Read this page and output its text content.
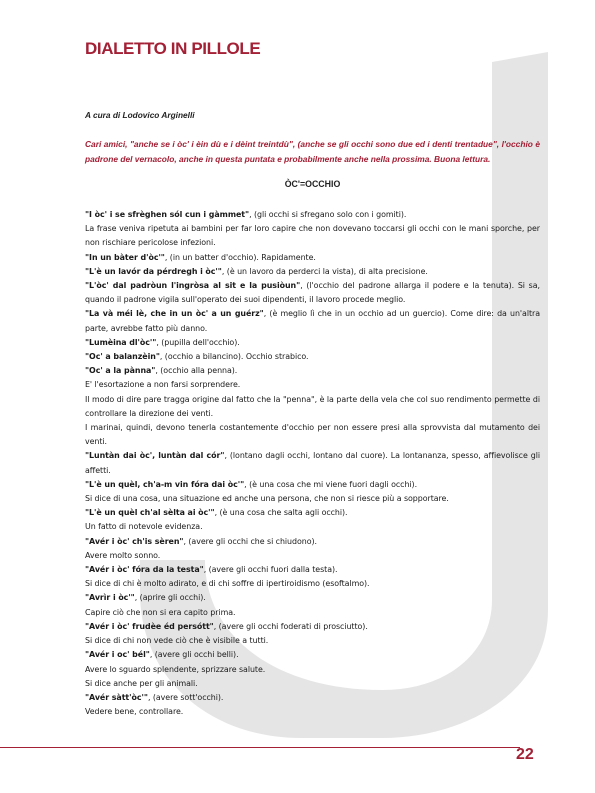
DIALETTO IN PILLOLE
A cura di Lodovico Arginelli
Cari amici, "anche se i òc' i èin dù e i dèint treintdù", (anche se gli occhi sono due ed i denti trentadue", l'occhio è padrone del vernacolo, anche in questa puntata e probabilmente anche nella prossima. Buona lettura.
ÒC'=OCCHIO

"I òc' i se sfrèghen sól cun i gàmmet", (gli occhi si sfregano solo con i gomiti).

La frase veniva ripetuta ai bambini per far loro capire che non dovevano toccarsi gli occhi con le mani sporche, per non rischiare pericolose infezioni.

"In un bàter d'òc'", (in un batter d'occhio). Rapidamente.

"L'è un lavór da pérdregh i òc'", (è un lavoro da perderci la vista), di alta precisione.

"L'òc' dal padròun l'ingròsa al sit e la pusiòun", (l'occhio del padrone allarga il podere e la tenuta). Si sa, quando il padrone vigila sull'operato dei suoi dipendenti, il lavoro procede meglio.

"La và méi lè, che in un òc' a un guérz", (è meglio lì che in un occhio ad un guercio). Come dire: da un'altra parte, avrebbe fatto più danno.

"Lumèina dl'òc'", (pupilla dell'occhio).

"Oc' a balanzèin", (occhio a bilancino). Occhio strabico.

"Oc' a la pànna", (occhio alla penna).

E' l'esortazione a non farsi sorprendere.

Il modo di dire pare tragga origine dal fatto che la "penna", è la parte della vela che col suo rendimento permette di controllare la direzione dei venti.

I marinai, quindi, devono tenerla costantemente d'occhio per non essere presi alla sprovvista dal mutamento dei venti.

"Luntàn dai òc', luntàn dal cór", (lontano dagli occhi, lontano dal cuore). La lontananza, spesso, affievolisce gli affetti.

"L'è un quèl, ch'a-m vin fóra dai òc'", (è una cosa che mi viene fuori dagli occhi).

Si dice di una cosa, una situazione ed anche una persona, che non si riesce più a sopportare.

"L'è un quèl ch'al sèlta ai òc'", (è una cosa che salta agli occhi).

Un fatto di notevole evidenza.

"Avér i òc' ch'is sèren", (avere gli occhi che si chiudono).

Avere molto sonno.

"Avér i òc' fóra da la testa", (avere gli occhi fuori dalla testa).

Si dice di chi è molto adirato, e di chi soffre di ipertiroidismo (esoftalmo).

"Avrìr i òc'", (aprire gli occhi).

Capire ciò che non si era capito prima.

"Avér i òc' frudèe éd persótt", (avere gli occhi foderati di prosciutto).

Si dice di chi non vede ciò che è visibile a tutti.

"Avér i oc' bél", (avere gli occhi belli).

Avere lo sguardo splendente, sprizzare salute.

Si dice anche per gli animali.

"Avér sàtt'òc'", (avere sott'occhi).

Vedere bene, controllare.

22
